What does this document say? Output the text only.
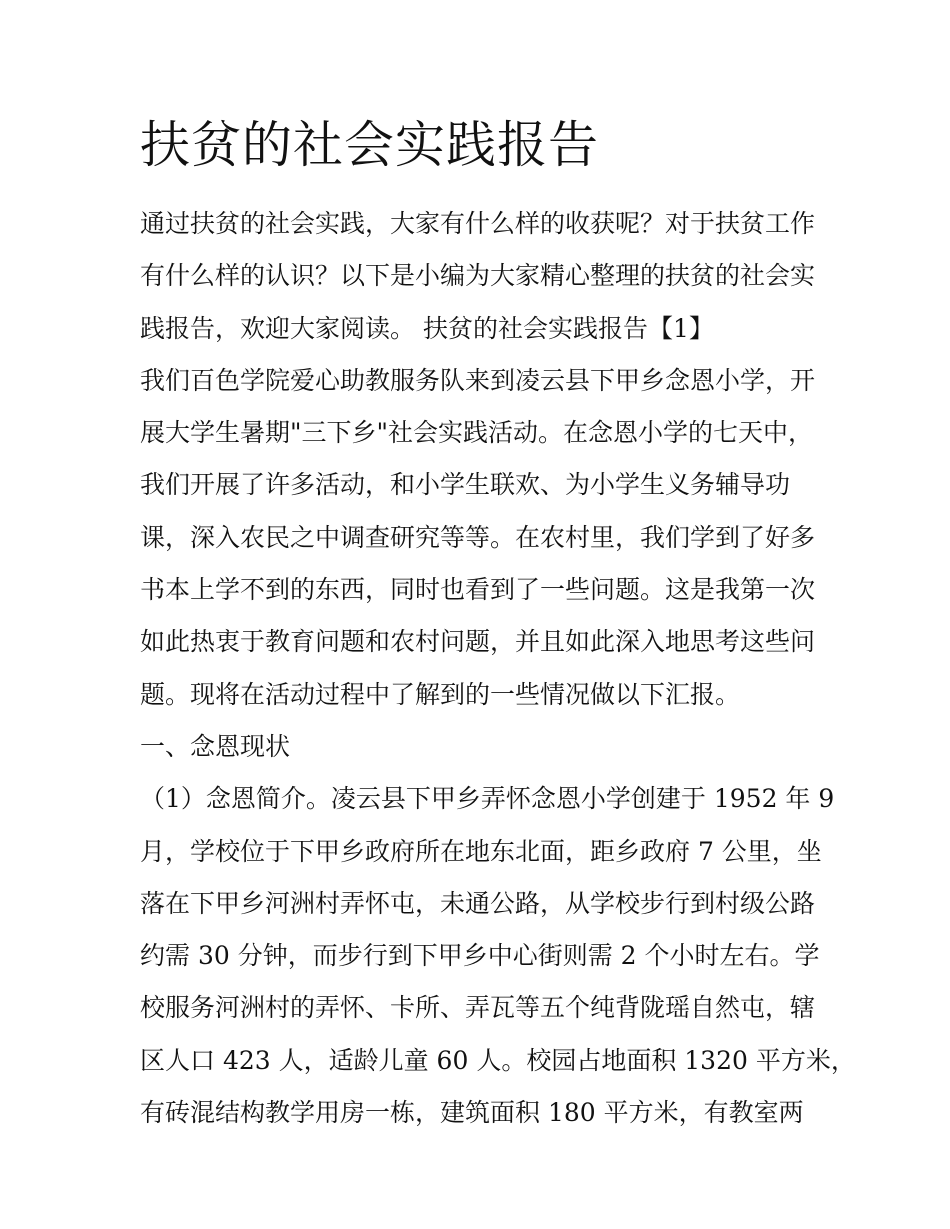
扶贫的社会实践报告
通过扶贫的社会实践，大家有什么样的收获呢？对于扶贫工作
有什么样的认识？以下是小编为大家精心整理的扶贫的社会实
践报告，欢迎大家阅读。 扶贫的社会实践报告【1】
我们百色学院爱心助教服务队来到凌云县下甲乡念恩小学，开
展大学生暑期"三下乡"社会实践活动。在念恩小学的七天中，
我们开展了许多活动，和小学生联欢、为小学生义务辅导功
课，深入农民之中调查研究等等。在农村里，我们学到了好多
书本上学不到的东西，同时也看到了一些问题。这是我第一次
如此热衷于教育问题和农村问题，并且如此深入地思考这些问
题。现将在活动过程中了解到的一些情况做以下汇报。
一、念恩现状
（1）念恩简介。凌云县下甲乡弄怀念恩小学创建于 1952 年 9
月，学校位于下甲乡政府所在地东北面，距乡政府 7 公里，坐
落在下甲乡河洲村弄怀屯，未通公路，从学校步行到村级公路
约需 30 分钟，而步行到下甲乡中心街则需 2 个小时左右。学
校服务河洲村的弄怀、卡所、弄瓦等五个纯背陇瑶自然屯，辖
区人口 423 人，适龄儿童 60 人。校园占地面积 1320 平方米，
有砖混结构教学用房一栋，建筑面积 180 平方米，有教室两
